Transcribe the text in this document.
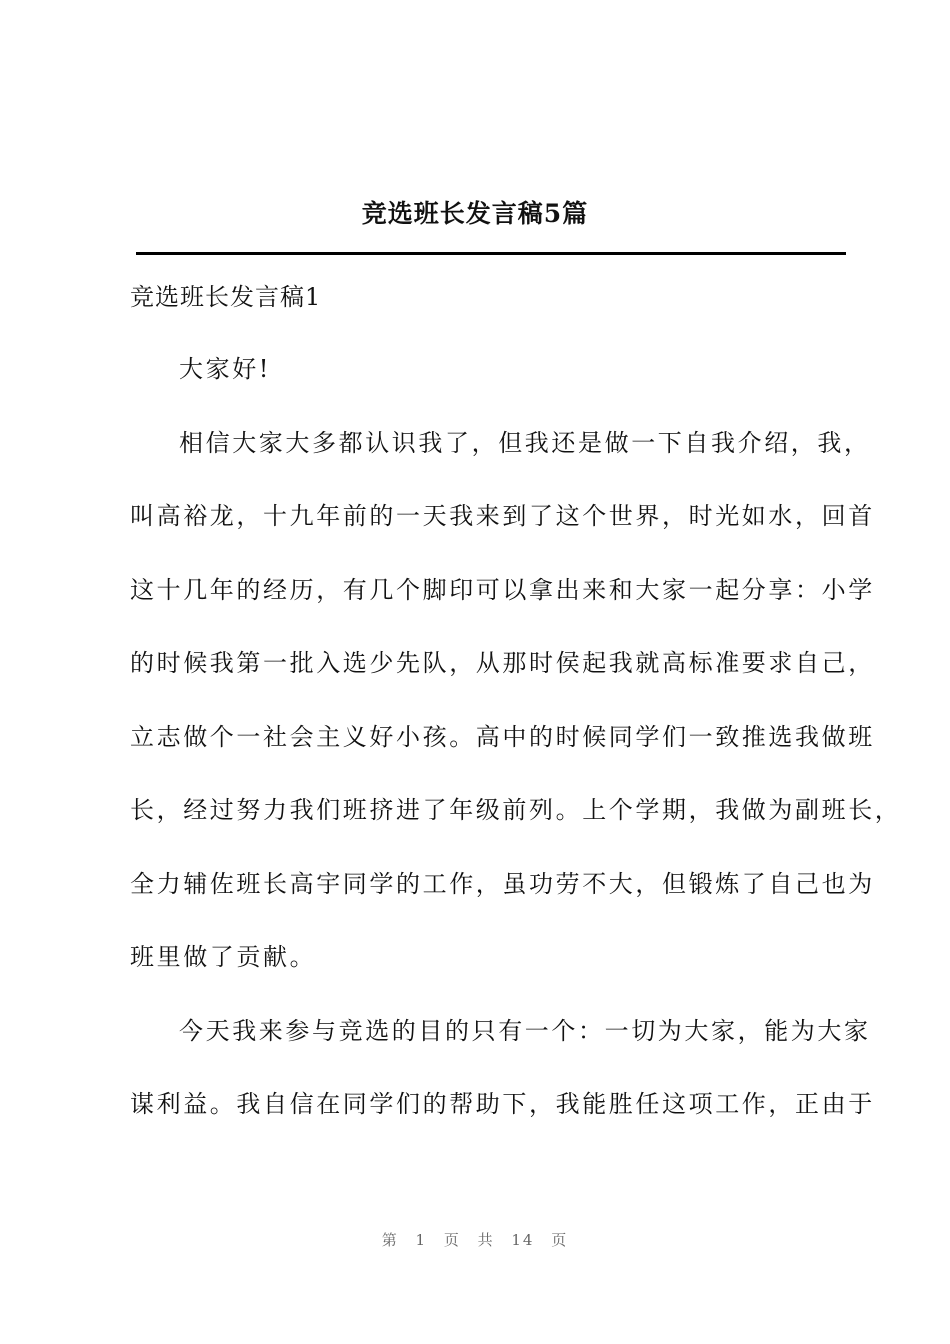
竞选班长发言稿5篇
竞选班长发言稿1
大家好!
相信大家大多都认识我了，但我还是做一下自我介绍，我，
叫高裕龙，十九年前的一天我来到了这个世界，时光如水，回首
这十几年的经历，有几个脚印可以拿出来和大家一起分享：小学
的时候我第一批入选少先队，从那时侯起我就高标准要求自己，
立志做个一社会主义好小孩。高中的时候同学们一致推选我做班
长，经过努力我们班挤进了年级前列。上个学期，我做为副班长，
全力辅佐班长高宇同学的工作，虽功劳不大，但锻炼了自己也为
班里做了贡献。
今天我来参与竞选的目的只有一个：一切为大家，能为大家
谋利益。我自信在同学们的帮助下，我能胜任这项工作，正由于
第 1 页 共 14 页
